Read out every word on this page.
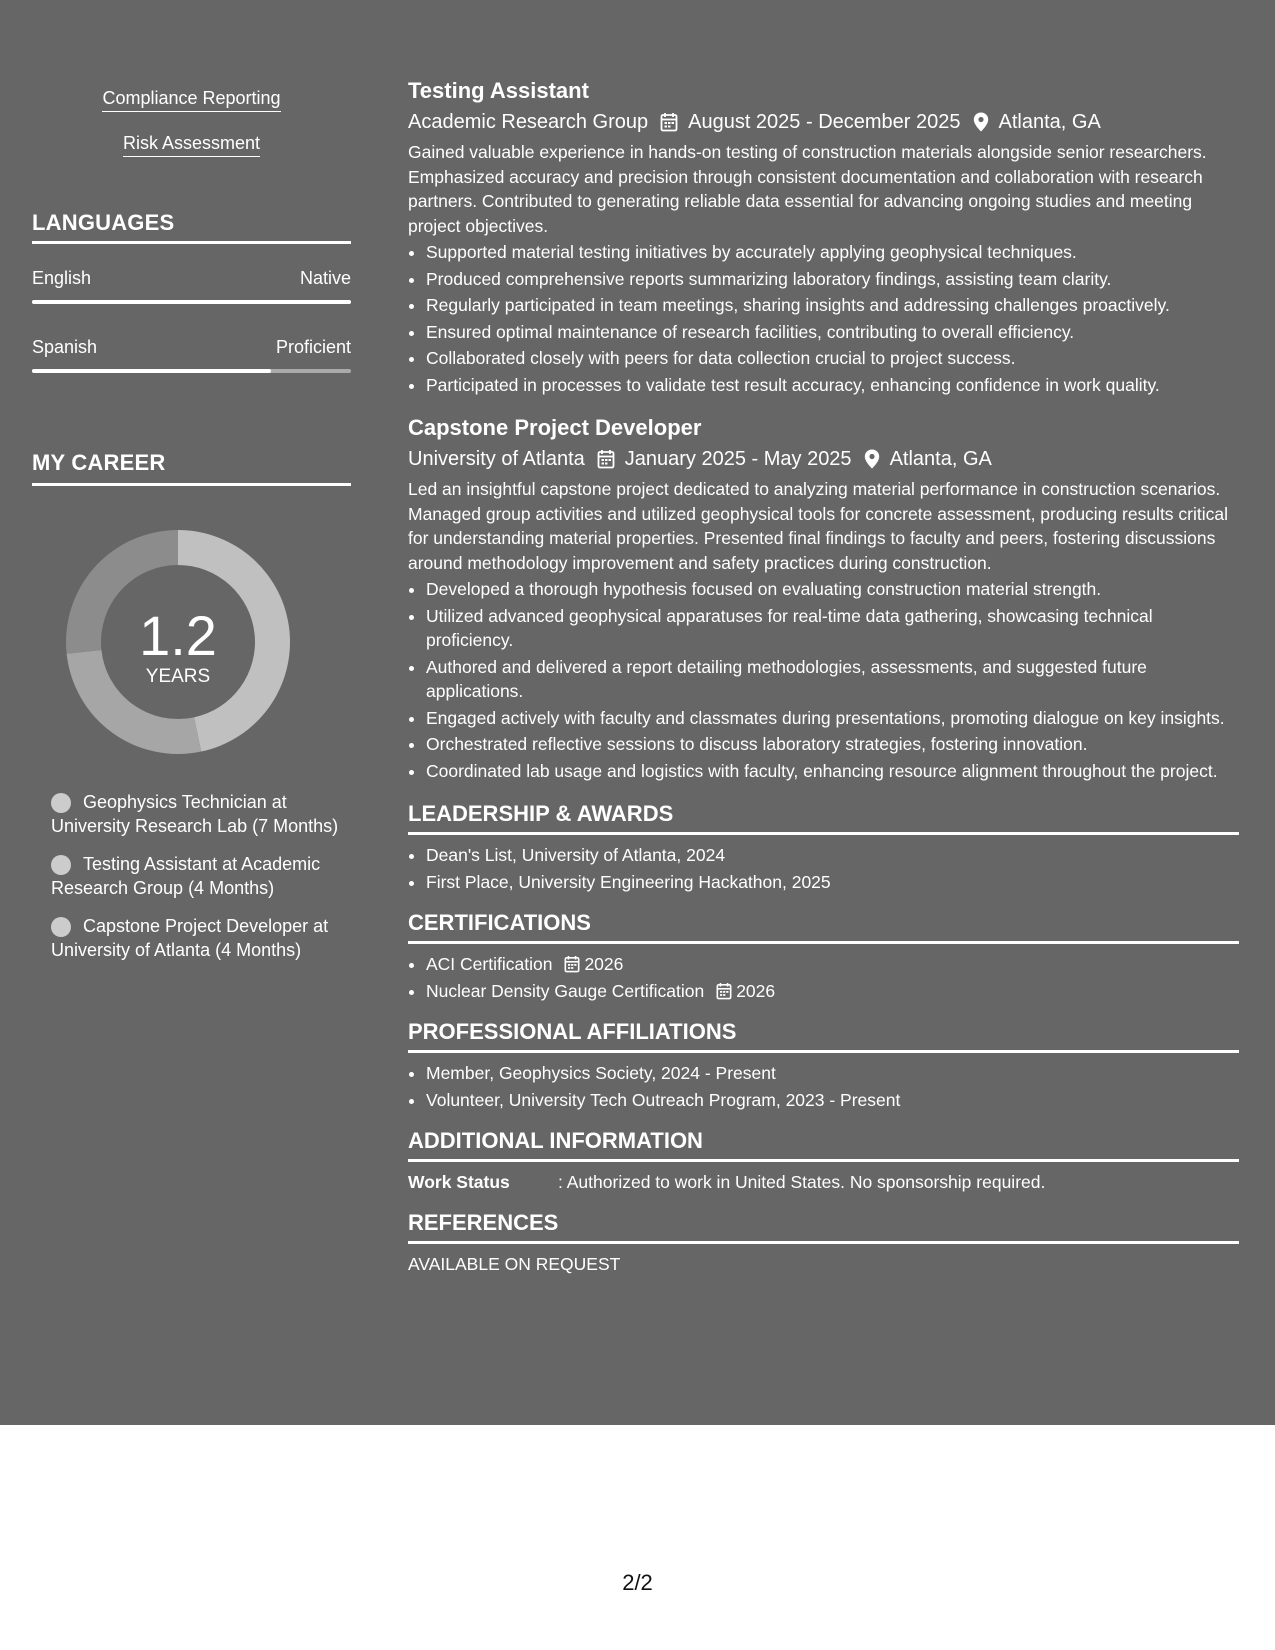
Compliance Reporting
Risk Assessment
LANGUAGES
English	Native
Spanish	Proficient
MY CAREER
1.2
YEARS
Geophysics Technician at University Research Lab (7 Months)
Testing Assistant at Academic Research Group (4 Months)
Capstone Project Developer at University of Atlanta (4 Months)
Testing Assistant
Academic Research Group August 2025 - December 2025 Atlanta, GA
Gained valuable experience in hands-on testing of construction materials alongside senior researchers. Emphasized accuracy and precision through consistent documentation and collaboration with research partners. Contributed to generating reliable data essential for advancing ongoing studies and meeting project objectives.
• Supported material testing initiatives by accurately applying geophysical techniques.
• Produced comprehensive reports summarizing laboratory findings, assisting team clarity.
• Regularly participated in team meetings, sharing insights and addressing challenges proactively.
• Ensured optimal maintenance of research facilities, contributing to overall efficiency.
• Collaborated closely with peers for data collection crucial to project success.
• Participated in processes to validate test result accuracy, enhancing confidence in work quality.
Capstone Project Developer
University of Atlanta January 2025 - May 2025 Atlanta, GA
Led an insightful capstone project dedicated to analyzing material performance in construction scenarios. Managed group activities and utilized geophysical tools for concrete assessment, producing results critical for understanding material properties. Presented final findings to faculty and peers, fostering discussions around methodology improvement and safety practices during construction.
• Developed a thorough hypothesis focused on evaluating construction material strength.
• Utilized advanced geophysical apparatuses for real-time data gathering, showcasing technical proficiency.
• Authored and delivered a report detailing methodologies, assessments, and suggested future applications.
• Engaged actively with faculty and classmates during presentations, promoting dialogue on key insights.
• Orchestrated reflective sessions to discuss laboratory strategies, fostering innovation.
• Coordinated lab usage and logistics with faculty, enhancing resource alignment throughout the project.
LEADERSHIP & AWARDS
• Dean's List, University of Atlanta, 2024
• First Place, University Engineering Hackathon, 2025
CERTIFICATIONS
• ACI Certification 2026
• Nuclear Density Gauge Certification 2026
PROFESSIONAL AFFILIATIONS
• Member, Geophysics Society, 2024 - Present
• Volunteer, University Tech Outreach Program, 2023 - Present
ADDITIONAL INFORMATION
Work Status	: Authorized to work in United States. No sponsorship required.
REFERENCES
AVAILABLE ON REQUEST
2/2
